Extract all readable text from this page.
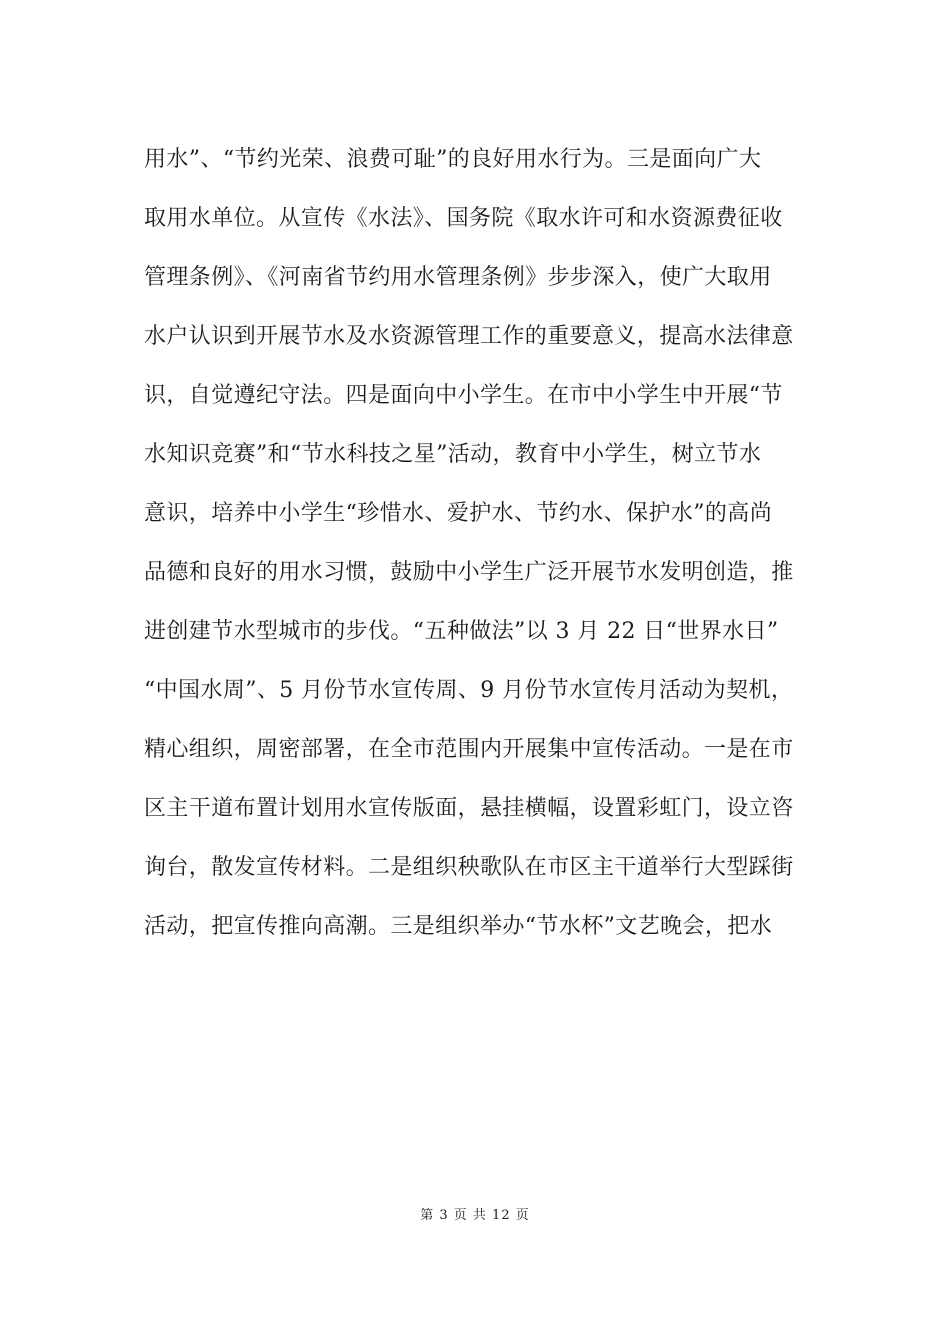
用水”、“节约光荣、浪费可耻”的良好用水行为。三是面向广大
取用水单位。从宣传《水法》、国务院《取水许可和水资源费征收
管理条例》、《河南省节约用水管理条例》步步深入，使广大取用
水户认识到开展节水及水资源管理工作的重要意义，提高水法律意
识，自觉遵纪守法。四是面向中小学生。在市中小学生中开展“节
水知识竞赛”和“节水科技之星”活动，教育中小学生，树立节水
意识，培养中小学生“珍惜水、爱护水、节约水、保护水”的高尚
品德和良好的用水习惯，鼓励中小学生广泛开展节水发明创造，推
进创建节水型城市的步伐。“五种做法”以 3 月 22 日“世界水日”
“中国水周”、5 月份节水宣传周、9 月份节水宣传月活动为契机，
精心组织，周密部署，在全市范围内开展集中宣传活动。一是在市
区主干道布置计划用水宣传版面，悬挂横幅，设置彩虹门，设立咨
询台，散发宣传材料。二是组织秧歌队在市区主干道举行大型踩街
活动，把宣传推向高潮。三是组织举办“节水杯”文艺晚会，把水
第 3 页 共 12 页
